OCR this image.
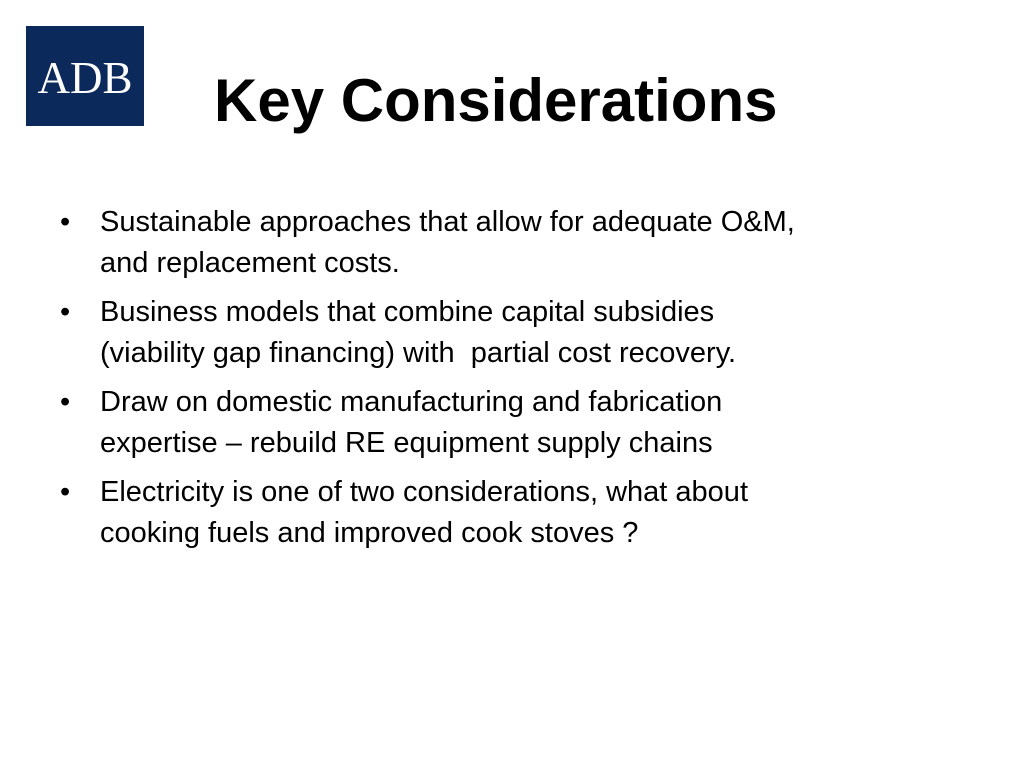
ADB Key Considerations
•	Sustainable approaches that allow for adequate O&M,
and replacement costs.
•	Business models that combine capital subsidies
(viability gap financing) with  partial cost recovery.
•	Draw on domestic manufacturing and fabrication
expertise – rebuild RE equipment supply chains
•	Electricity is one of two considerations, what about
cooking fuels and improved cook stoves ?
